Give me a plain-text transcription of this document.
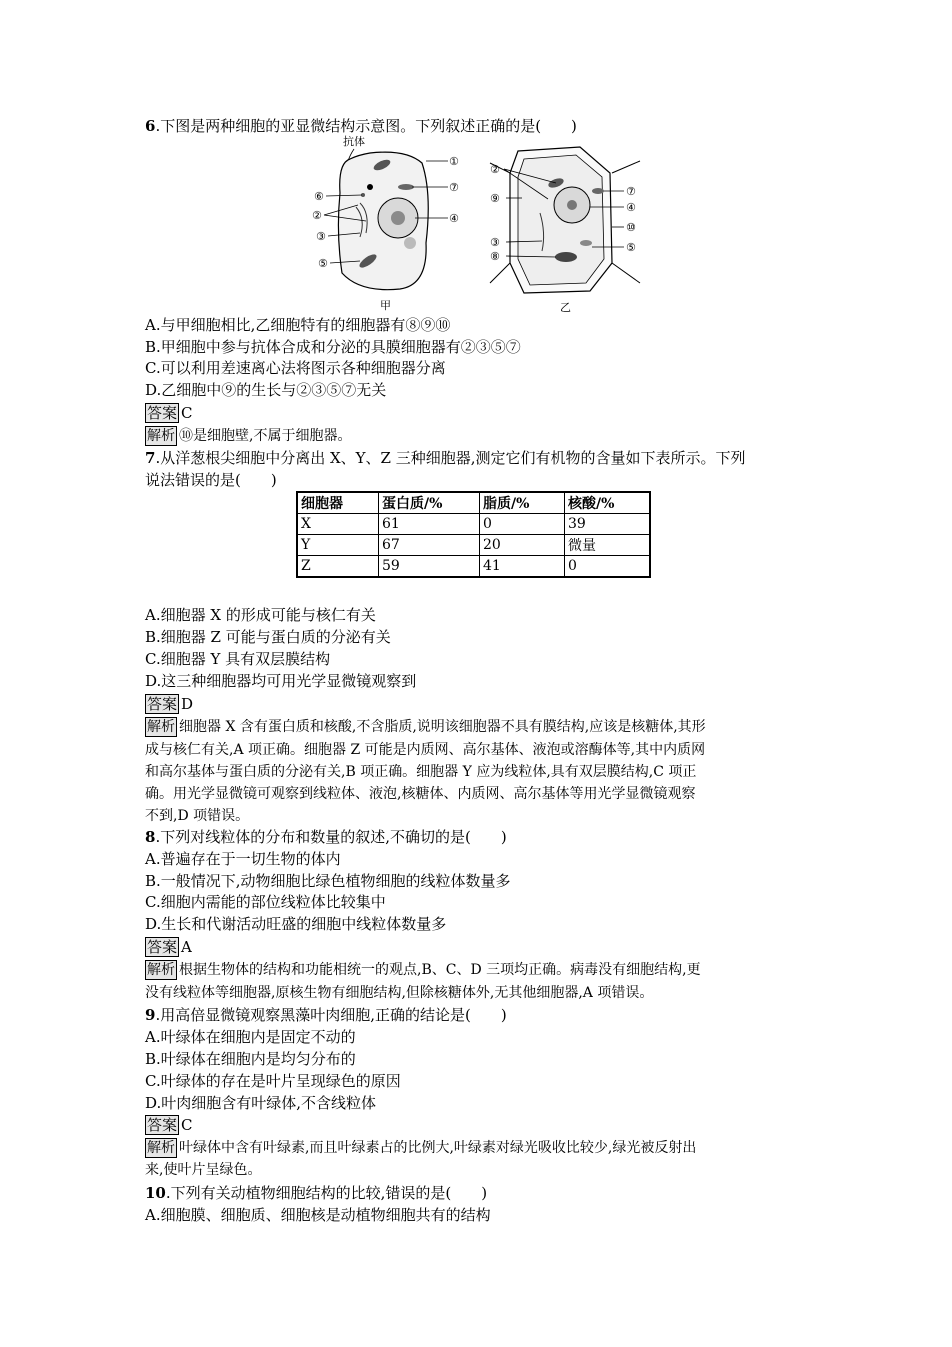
6.下图是两种细胞的亚显微结构示意图。下列叙述正确的是(　　)
抗体
①
⑦
⑥
②	④
③
⑤
甲
②
⑦
⑨
④
⑩
③	⑤
⑧
乙
A.与甲细胞相比,乙细胞特有的细胞器有⑧⑨⑩
B.甲细胞中参与抗体合成和分泌的具膜细胞器有②③⑤⑦
C.可以利用差速离心法将图示各种细胞器分离
D.乙细胞中⑨的生长与②③⑤⑦无关
答案 C
解析 ⑩是细胞壁,不属于细胞器。
7.从洋葱根尖细胞中分离出 X、Y、Z 三种细胞器,测定它们有机物的含量如下表所示。下列
说法错误的是(　　)
细胞器	蛋白质/%	脂质/%	核酸/%
X	61	0	39
Y	67	20	微量
Z	59	41	0
A.细胞器 X 的形成可能与核仁有关
B.细胞器 Z 可能与蛋白质的分泌有关
C.细胞器 Y 具有双层膜结构
D.这三种细胞器均可用光学显微镜观察到
答案 D
解析 细胞器 X 含有蛋白质和核酸,不含脂质,说明该细胞器不具有膜结构,应该是核糖体,其形
成与核仁有关,A 项正确。细胞器 Z 可能是内质网、高尔基体、液泡或溶酶体等,其中内质网
和高尔基体与蛋白质的分泌有关,B 项正确。细胞器 Y 应为线粒体,具有双层膜结构,C 项正
确。用光学显微镜可观察到线粒体、液泡,核糖体、内质网、高尔基体等用光学显微镜观察
不到,D 项错误。
8.下列对线粒体的分布和数量的叙述,不确切的是(　　)
A.普遍存在于一切生物的体内
B.一般情况下,动物细胞比绿色植物细胞的线粒体数量多
C.细胞内需能的部位线粒体比较集中
D.生长和代谢活动旺盛的细胞中线粒体数量多
答案 A
解析 根据生物体的结构和功能相统一的观点,B、C、D 三项均正确。病毒没有细胞结构,更
没有线粒体等细胞器,原核生物有细胞结构,但除核糖体外,无其他细胞器,A 项错误。
9.用高倍显微镜观察黑藻叶肉细胞,正确的结论是(　　)
A.叶绿体在细胞内是固定不动的
B.叶绿体在细胞内是均匀分布的
C.叶绿体的存在是叶片呈现绿色的原因
D.叶肉细胞含有叶绿体,不含线粒体
答案 C
解析 叶绿体中含有叶绿素,而且叶绿素占的比例大,叶绿素对绿光吸收比较少,绿光被反射出
来,使叶片呈绿色。
10.下列有关动植物细胞结构的比较,错误的是(　　)
A.细胞膜、细胞质、细胞核是动植物细胞共有的结构
